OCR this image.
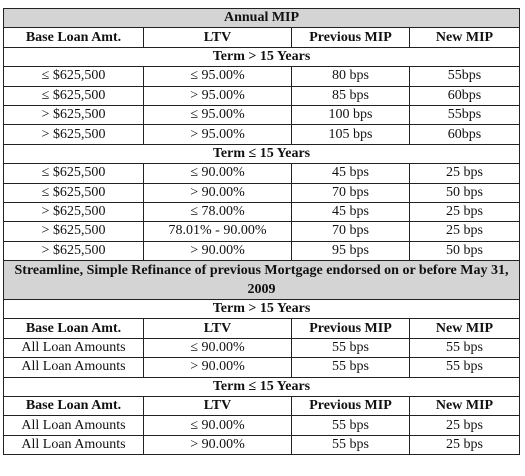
Annual MIP			
Base Loan Amt.	LTV	Previous MIP	New MIP
Term > 15 Years			
≤ $625,500	≤ 95.00%	80 bps	55bps
≤ $625,500	> 95.00%	85 bps	60bps
> $625,500	≤ 95.00%	100 bps	55bps
> $625,500	> 95.00%	105 bps	60bps
Term ≤ 15 Years			
≤ $625,500	≤ 90.00%	45 bps	25 bps
≤ $625,500	> 90.00%	70 bps	50 bps
> $625,500	≤ 78.00%	45 bps	25 bps
> $625,500	78.01% - 90.00%	70 bps	25 bps
> $625,500	> 90.00%	95 bps	50 bps
Streamline, Simple Refinance of previous Mortgage endorsed on or before May 31, 2009			
Term > 15 Years			
Base Loan Amt.	LTV	Previous MIP	New MIP
All Loan Amounts	≤ 90.00%	55 bps	55 bps
All Loan Amounts	> 90.00%	55 bps	55 bps
Term ≤ 15 Years			
Base Loan Amt.	LTV	Previous MIP	New MIP
All Loan Amounts	≤ 90.00%	55 bps	25 bps
All Loan Amounts	> 90.00%	55 bps	25 bps
